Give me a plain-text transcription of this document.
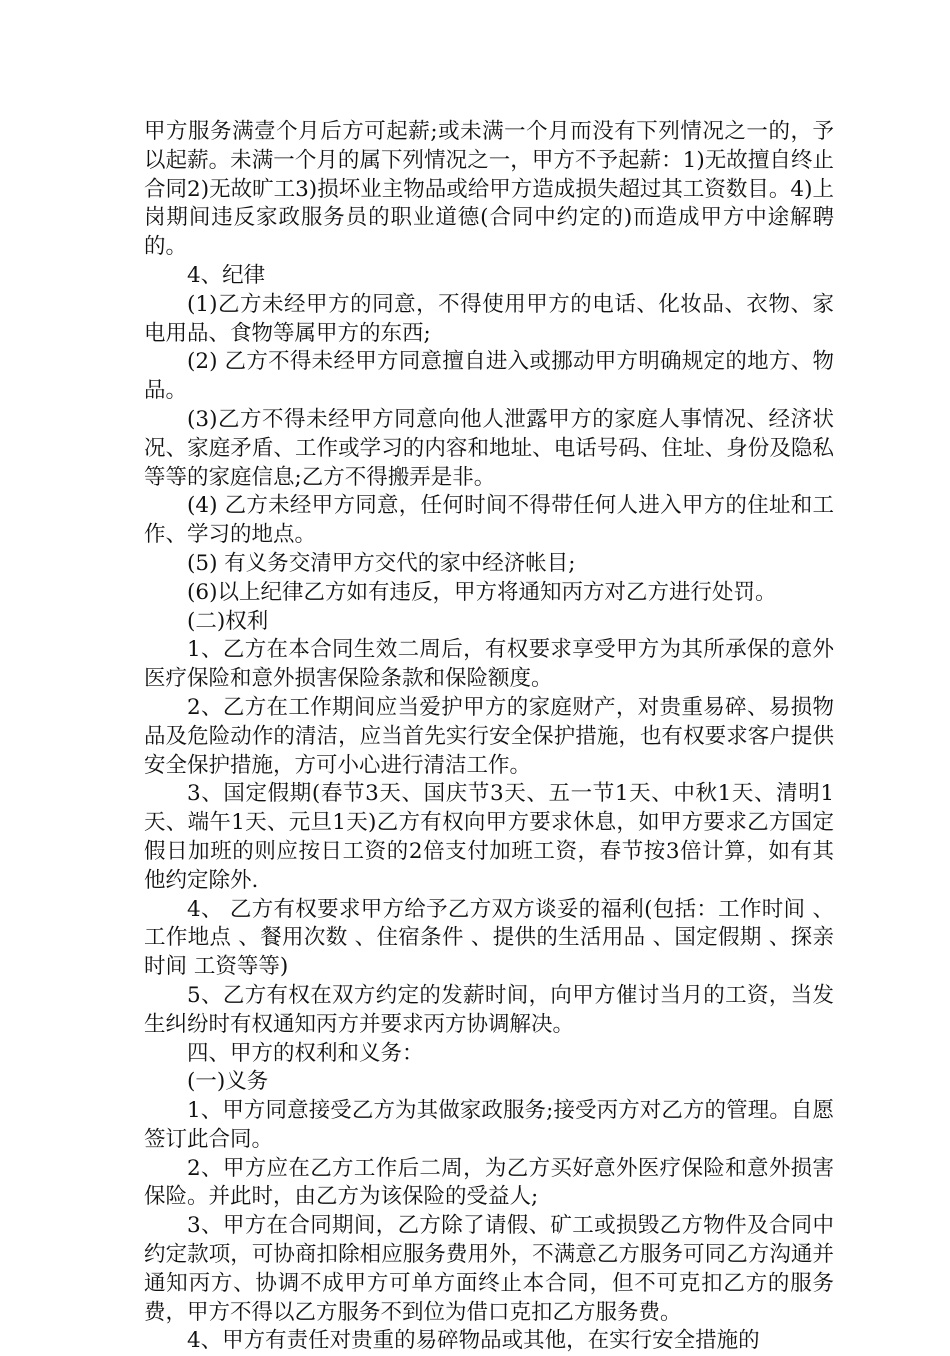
甲方服务满壹个月后方可起薪;或未满一个月而没有下列情况之一的，予以起薪。未满一个月的属下列情况之一，甲方不予起薪：1)无故擅自终止合同2)无故旷工3)损坏业主物品或给甲方造成损失超过其工资数目。4)上岗期间违反家政服务员的职业道德(合同中约定的)而造成甲方中途解聘的。

4、纪律

(1)乙方未经甲方的同意，不得使用甲方的电话、化妆品、衣物、家电用品、食物等属甲方的东西;

(2) 乙方不得未经甲方同意擅自进入或挪动甲方明确规定的地方、物品。

(3)乙方不得未经甲方同意向他人泄露甲方的家庭人事情况、经济状况、家庭矛盾、工作或学习的内容和地址、电话号码、住址、身份及隐私等等的家庭信息;乙方不得搬弄是非。

(4) 乙方未经甲方同意，任何时间不得带任何人进入甲方的住址和工作、学习的地点。

(5) 有义务交清甲方交代的家中经济帐目;

(6)以上纪律乙方如有违反，甲方将通知丙方对乙方进行处罚。

(二)权利

1、乙方在本合同生效二周后，有权要求享受甲方为其所承保的意外医疗保险和意外损害保险条款和保险额度。

2、乙方在工作期间应当爱护甲方的家庭财产，对贵重易碎、易损物品及危险动作的清洁，应当首先实行安全保护措施，也有权要求客户提供安全保护措施，方可小心进行清洁工作。

3、国定假期(春节3天、国庆节3天、五一节1天、中秋1天、清明1天、端午1天、元旦1天)乙方有权向甲方要求休息，如甲方要求乙方国定假日加班的则应按日工资的2倍支付加班工资，春节按3倍计算，如有其他约定除外.

4、 乙方有权要求甲方给予乙方双方谈妥的福利(包括：工作时间 、工作地点 、餐用次数 、住宿条件 、提供的生活用品 、国定假期 、探亲时间 工资等等)

5、乙方有权在双方约定的发薪时间，向甲方催讨当月的工资，当发生纠纷时有权通知丙方并要求丙方协调解决。

四、甲方的权利和义务：

(一)义务

1、甲方同意接受乙方为其做家政服务;接受丙方对乙方的管理。自愿签订此合同。

2、甲方应在乙方工作后二周，为乙方买好意外医疗保险和意外损害保险。并此时，由乙方为该保险的受益人;

3、甲方在合同期间，乙方除了请假、矿工或损毁乙方物件及合同中约定款项，可协商扣除相应服务费用外，不满意乙方服务可同乙方沟通并通知丙方、协调不成甲方可单方面终止本合同，但不可克扣乙方的服务费，甲方不得以乙方服务不到位为借口克扣乙方服务费。

4、甲方有责任对贵重的易碎物品或其他，在实行安全措施的
